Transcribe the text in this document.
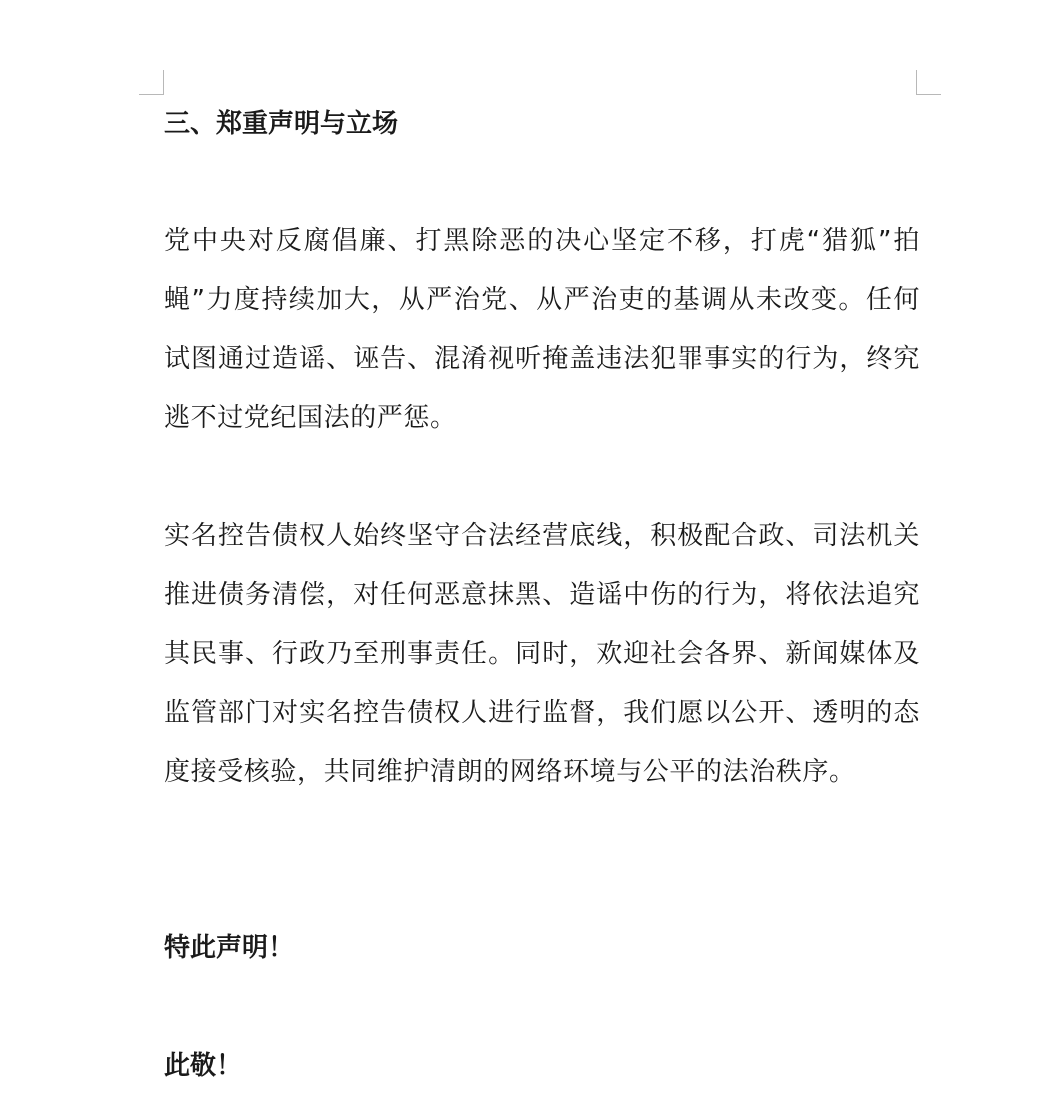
三、郑重声明与立场

党中央对反腐倡廉、打黑除恶的决心坚定不移，打虎“猎狐”拍蝇”力度持续加大，从严治党、从严治吏的基调从未改变。任何试图通过造谣、诬告、混淆视听掩盖违法犯罪事实的行为，终究逃不过党纪国法的严惩。

实名控告债权人始终坚守合法经营底线，积极配合政、司法机关推进债务清偿，对任何恶意抹黑、造谣中伤的行为，将依法追究其民事、行政乃至刑事责任。同时，欢迎社会各界、新闻媒体及监管部门对实名控告债权人进行监督，我们愿以公开、透明的态度接受核验，共同维护清朗的网络环境与公平的法治秩序。

特此声明！

此敬！
